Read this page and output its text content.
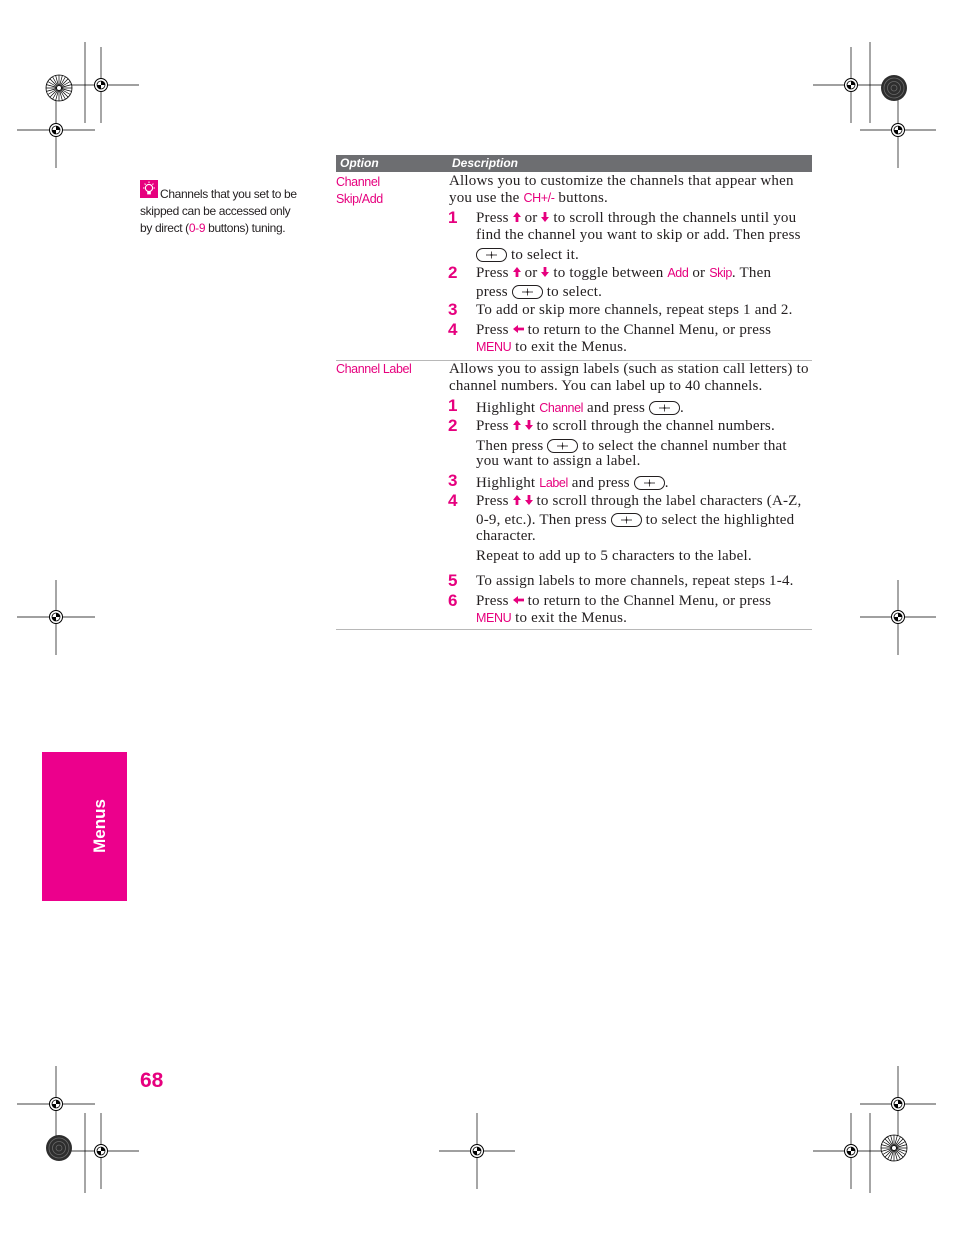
Channels that you set to be
skipped can be accessed only
by direct ( 0-9 buttons) tuning.
Option	Description
Channel
Skip/Add
Allows you to customize the channels that appear when
you use the CH+/- buttons.
1 Press or to scroll through the channels until you
find the channel you want to skip or add. Then press
to select it.
2 Press or to toggle between Add or Skip . Then
press to select.
3 To add or skip more channels, repeat steps 1 and 2.
4 Press to return to the Channel Menu, or press
MENU to exit the Menus.
Channel Label	Allows you to assign labels (such as station call letters) to
channel numbers. You can label up to 40 channels.
1 Highlight Channel and press .
2 Press
to scroll through the channel numbers.
Then press to select the channel number that
you want to assign a label.
3 Highlight Label and press .
4 Press
to scroll through the label characters (A-Z,
0-9, etc.). Then press to select the highlighted
character.
Repeat to add up to 5 characters to the label.
5 To assign labels to more channels, repeat steps 1-4.
6 Press to return to the Channel Menu, or press
MENU to exit the Menus.
Menus
68
